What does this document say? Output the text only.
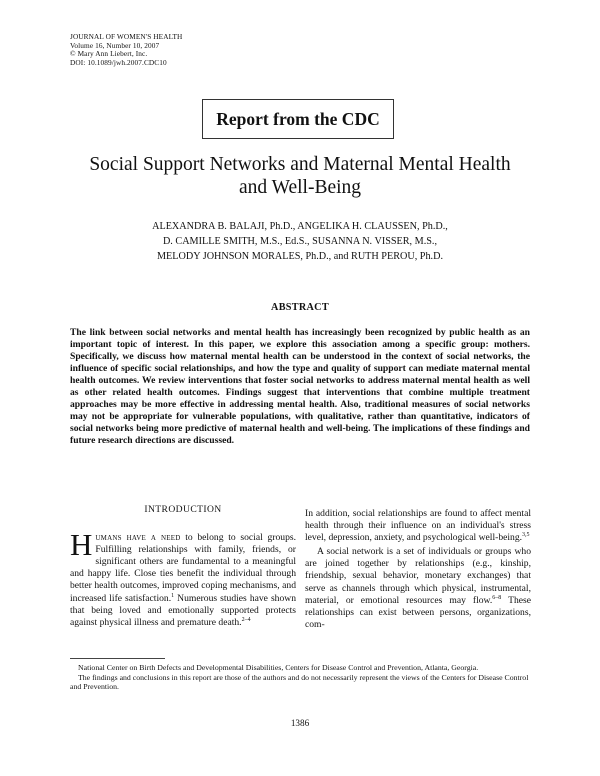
JOURNAL OF WOMEN'S HEALTH
Volume 16, Number 10, 2007
© Mary Ann Liebert, Inc.
DOI: 10.1089/jwh.2007.CDC10
Report from the CDC
Social Support Networks and Maternal Mental Health
and Well-Being
ALEXANDRA B. BALAJI, Ph.D., ANGELIKA H. CLAUSSEN, Ph.D.,
D. CAMILLE SMITH, M.S., Ed.S., SUSANNA N. VISSER, M.S.,
MELODY JOHNSON MORALES, Ph.D., and RUTH PEROU, Ph.D.
ABSTRACT
The link between social networks and mental health has increasingly been recognized by public health as an important topic of interest. In this paper, we explore this association among a specific group: mothers. Specifically, we discuss how maternal mental health can be understood in the context of social networks, the influence of specific social relationships, and how the type and quality of support can mediate maternal mental health outcomes. We review interventions that foster social networks to address maternal mental health as well as other related health outcomes. Findings suggest that interventions that combine multiple treatment approaches may be more effective in addressing mental health. Also, traditional measures of social networks may not be appropriate for vulnerable populations, with qualitative, rather than quantitative, indicators of social networks being more predictive of maternal health and well-being. The implications of these findings and future research directions are discussed.
INTRODUCTION

Humans have a need to belong to social groups. Fulfilling relationships with family, friends, or significant others are fundamental to a meaningful and happy life. Close ties benefit the individual through better health outcomes, improved coping mechanisms, and increased life satisfaction.$^1$ Numerous studies have shown that being loved and emotionally supported protects against physical illness and premature death.$^{2-4}$

In addition, social relationships are found to affect mental health through their influence on an individual's stress level, depression, anxiety, and psychological well-being.$^{3,5}$

A social network is a set of individuals or groups who are joined together by relationships (e.g., kinship, friendship, sexual behavior, monetary exchanges) that serve as channels through which physical, instrumental, material, or emotional resources may flow.$^{6-8}$ These relationships can exist between persons, organizations, com-

National Center on Birth Defects and Developmental Disabilities, Centers for Disease Control and Prevention, Atlanta, Georgia.

The findings and conclusions in this report are those of the authors and do not necessarily represent the views of the Centers for Disease Control and Prevention.

1386
